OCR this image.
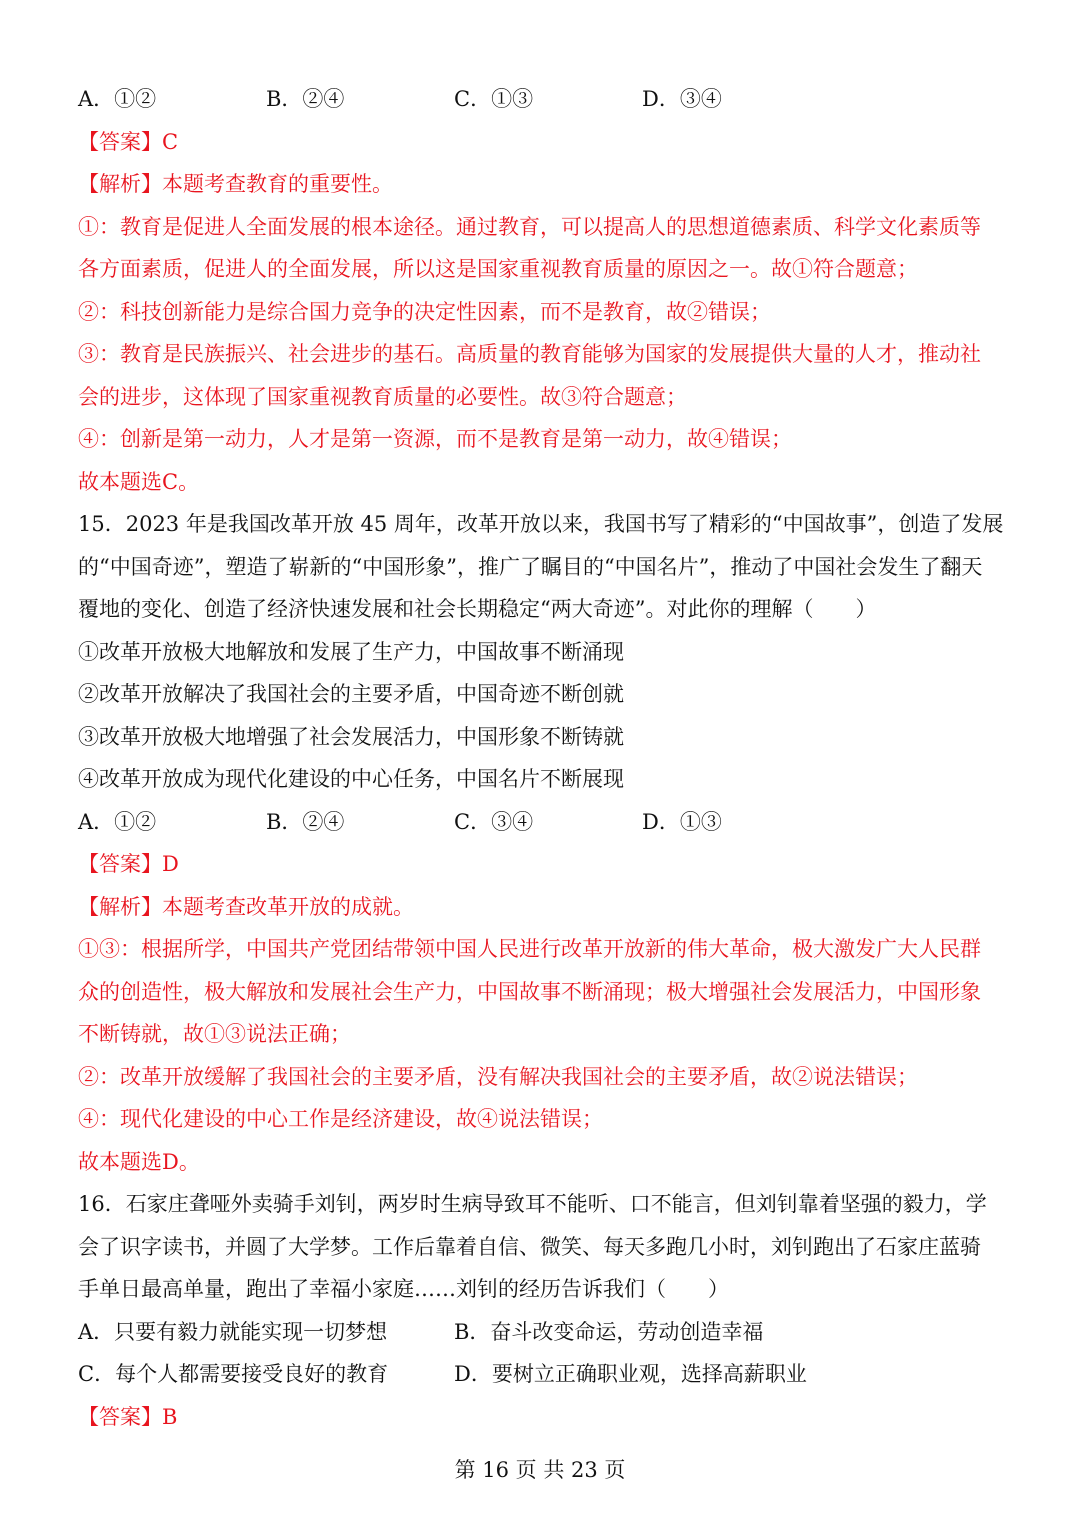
A．①②	B．②④	C．①③	D．③④
【答案】C
【解析】本题考查教育的重要性。
①：教育是促进人全面发展的根本途径。通过教育，可以提高人的思想道德素质、科学文化素质等
各方面素质，促进人的全面发展，所以这是国家重视教育质量的原因之一。故①符合题意；
②：科技创新能力是综合国力竞争的决定性因素，而不是教育，故②错误；
③：教育是民族振兴、社会进步的基石。高质量的教育能够为国家的发展提供大量的人才，推动社
会的进步，这体现了国家重视教育质量的必要性。故③符合题意；
④：创新是第一动力，人才是第一资源，而不是教育是第一动力，故④错误；
故本题选C。
15．2023 年是我国改革开放 45 周年，改革开放以来，我国书写了精彩的“中国故事”，创造了发展
的“中国奇迹”，塑造了崭新的“中国形象”，推广了瞩目的“中国名片”，推动了中国社会发生了翻天
覆地的变化、创造了经济快速发展和社会长期稳定“两大奇迹”。对此你的理解（　　）
①改革开放极大地解放和发展了生产力，中国故事不断涌现
②改革开放解决了我国社会的主要矛盾，中国奇迹不断创就
③改革开放极大地增强了社会发展活力，中国形象不断铸就
④改革开放成为现代化建设的中心任务，中国名片不断展现
A．①②	B．②④	C．③④	D．①③
【答案】D
【解析】本题考查改革开放的成就。
①③：根据所学，中国共产党团结带领中国人民进行改革开放新的伟大革命，极大激发广大人民群
众的创造性，极大解放和发展社会生产力，中国故事不断涌现；极大增强社会发展活力，中国形象
不断铸就，故①③说法正确；
②：改革开放缓解了我国社会的主要矛盾，没有解决我国社会的主要矛盾，故②说法错误；
④：现代化建设的中心工作是经济建设，故④说法错误；
故本题选D。
16．石家庄聋哑外卖骑手刘钊，两岁时生病导致耳不能听、口不能言，但刘钊靠着坚强的毅力，学
会了识字读书，并圆了大学梦。工作后靠着自信、微笑、每天多跑几小时，刘钊跑出了石家庄蓝骑
手单日最高单量，跑出了幸福小家庭……刘钊的经历告诉我们（　　）
A．只要有毅力就能实现一切梦想	B．奋斗改变命运，劳动创造幸福
C．每个人都需要接受良好的教育	D．要树立正确职业观，选择高薪职业
【答案】B
第 16 页 共 23 页
